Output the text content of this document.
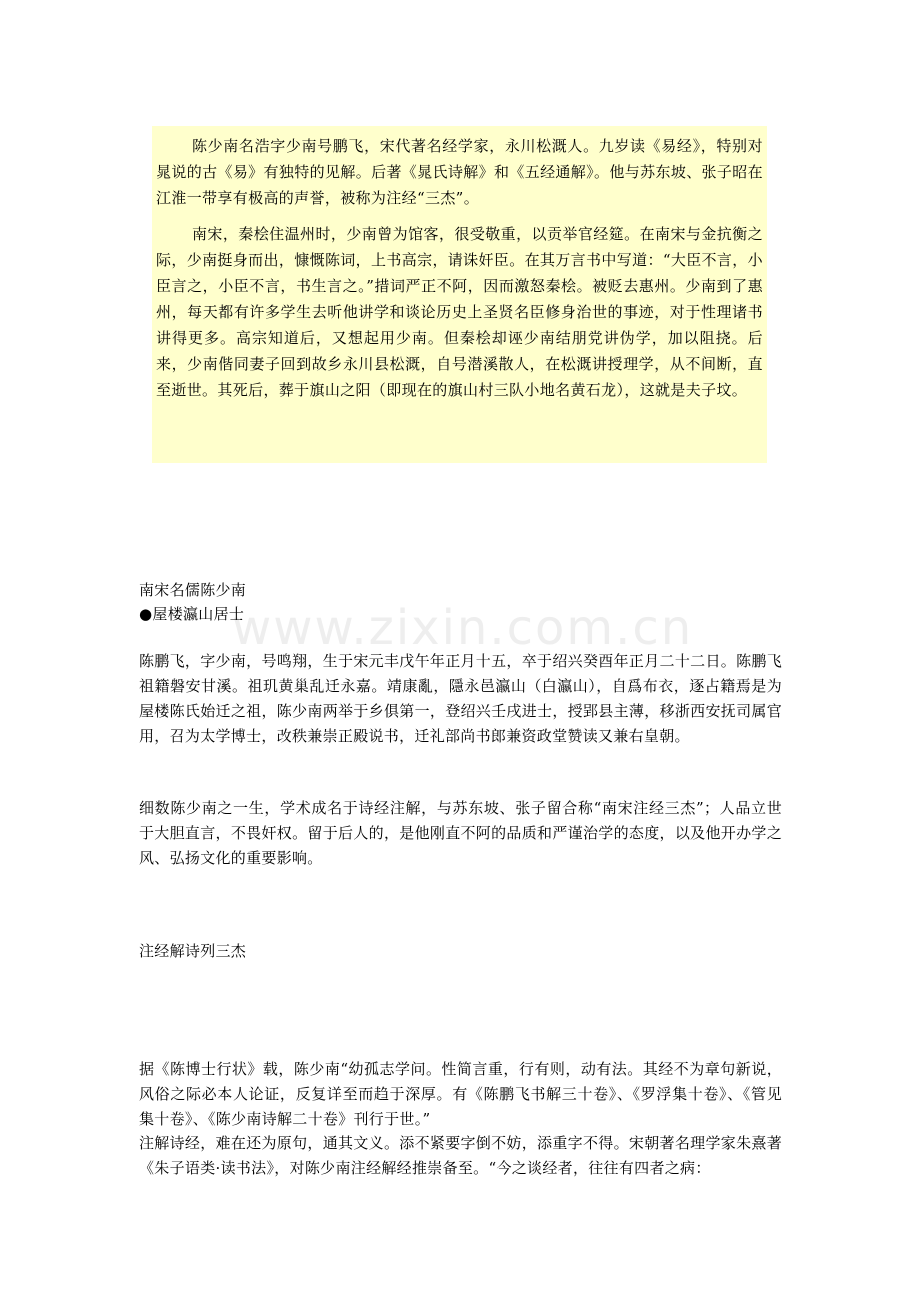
www.zixin.com.cn

陈少南名浩字少南号鹏飞，宋代著名经学家，永川松溉人。九岁读《易经》，特别对晁说的古《易》有独特的见解。后著《晁氏诗解》和《五经通解》。他与苏东坡、张子昭在江淮一带享有极高的声誉，被称为注经“三杰”。

南宋，秦桧住温州时，少南曾为馆客，很受敬重，以贡举官经筵。在南宋与金抗衡之际，少南挺身而出，慷慨陈词，上书高宗，请诛奸臣。在其万言书中写道：“大臣不言，小臣言之，小臣不言，书生言之。”措词严正不阿，因而激怒秦桧。被贬去惠州。少南到了惠州，每天都有许多学生去听他讲学和谈论历史上圣贤名臣修身治世的事迹，对于性理诸书讲得更多。高宗知道后，又想起用少南。但秦桧却诬少南结朋党讲伪学，加以阻挠。后来，少南偕同妻子回到故乡永川县松溉，自号潜溪散人，在松溉讲授理学，从不间断，直至逝世。其死后，葬于旗山之阳（即现在的旗山村三队小地名黄石龙），这就是夫子坟。

南宋名儒陈少南

●屋楼瀛山居士

陈鹏飞，字少南，号鸣翔，生于宋元丰戊午年正月十五，卒于绍兴癸酉年正月二十二日。陈鹏飞祖籍磐安甘溪。祖玑黄巢乱迁永嘉。靖康亂，隱永邑瀛山（白瀛山），自爲布衣，逐占籍焉是为屋楼陈氏始迁之祖，陈少南两举于乡俱第一，登绍兴壬戌进士，授郢县主薄，移浙西安抚司属官用，召为太学博士，改秩兼崇正殿说书，迁礼部尚书郎兼资政堂赞读又兼右皇朝。

细数陈少南之一生，学术成名于诗经注解，与苏东坡、张子留合称“南宋注经三杰”；人品立世于大胆直言，不畏奸权。留于后人的，是他刚直不阿的品质和严谨治学的态度，以及他开办学之风、弘扬文化的重要影响。

注经解诗列三杰

据《陈博士行状》载，陈少南“幼孤志学问。性简言重，行有则，动有法。其经不为章句新说，风俗之际必本人论证，反复详至而趋于深厚。有《陈鹏飞书解三十卷》、《罗浮集十卷》、《管见集十卷》、《陈少南诗解二十卷》刊行于世。”

注解诗经，难在还为原句，通其文义。添不紧要字倒不妨，添重字不得。宋朝著名理学家朱熹著《朱子语类·读书法》，对陈少南注经解经推崇备至。“今之谈经者，往往有四者之病：
